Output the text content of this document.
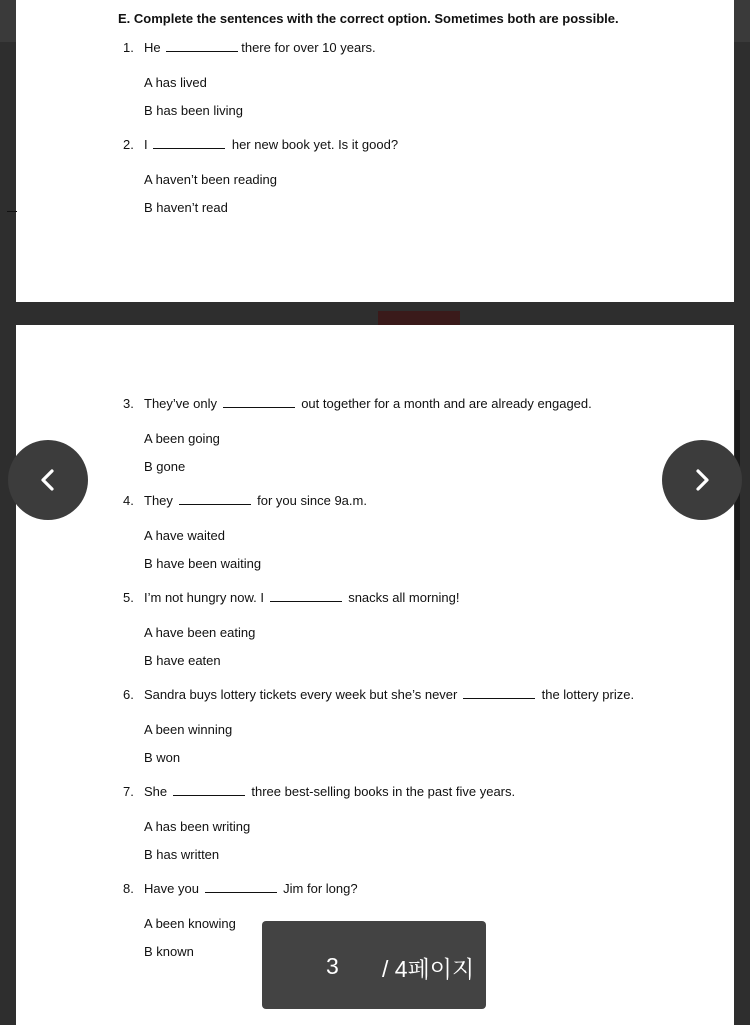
E. Complete the sentences with the correct option. Sometimes both are possible.
1. He	there for over 10 years.
A has lived
B has been living
2. I	her new book yet. Is it good?
A haven’t been reading
B haven’t read
3. They’ve only	out together for a month and are already engaged.
A been going
B gone
4. They	for you since 9a.m.
A have waited
B have been waiting
5. I’m not hungry now. I	snacks all morning!
A have been eating
B have eaten
6. Sandra buys lottery tickets every week but she’s never	the lottery prize.
A been winning
B won
7. She	three best-selling books in the past five years.
A has been writing
B has written
8. Have you	Jim for long?
A been knowing
B known
3 / 4페이지
